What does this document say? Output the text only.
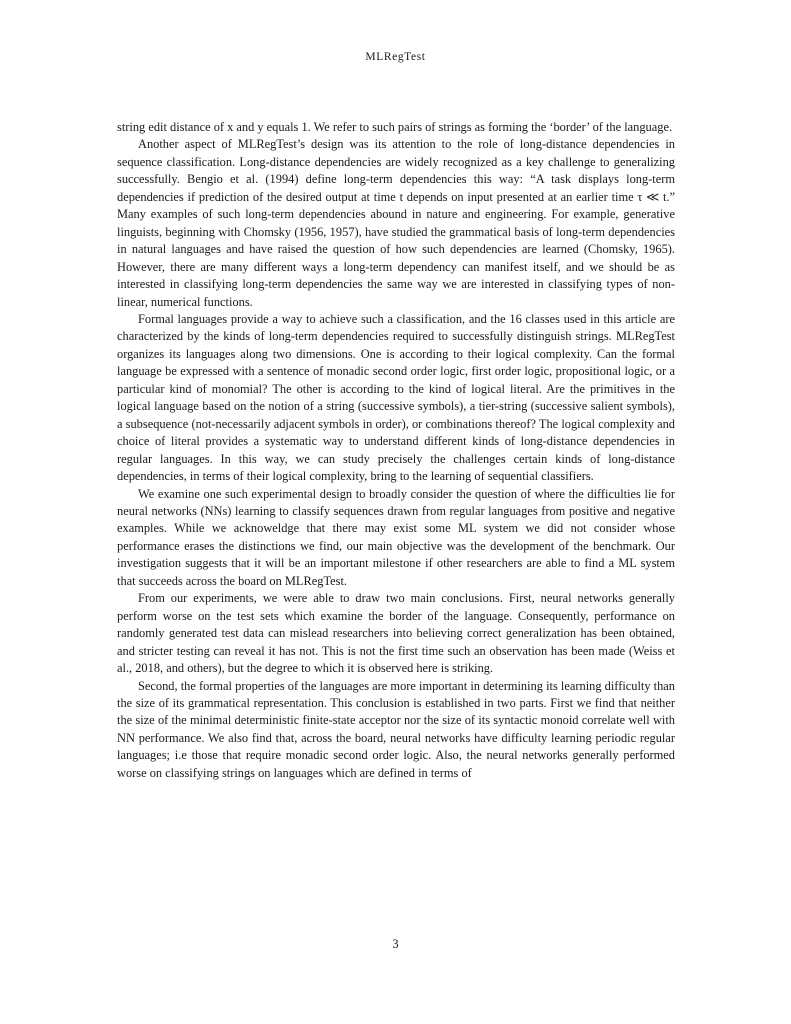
MLRegTest

string edit distance of x and y equals 1. We refer to such pairs of strings as forming the ‘border’ of the language.

Another aspect of MLRegTest’s design was its attention to the role of long-distance dependencies in sequence classification. Long-distance dependencies are widely recognized as a key challenge to generalizing successfully. Bengio et al. (1994) define long-term dependencies this way: “A task displays long-term dependencies if prediction of the desired output at time t depends on input presented at an earlier time τ ≪ t.” Many examples of such long-term dependencies abound in nature and engineering. For example, generative linguists, beginning with Chomsky (1956, 1957), have studied the grammatical basis of long-term dependencies in natural languages and have raised the question of how such dependencies are learned (Chomsky, 1965). However, there are many different ways a long-term dependency can manifest itself, and we should be as interested in classifying long-term dependencies the same way we are interested in classifying types of non-linear, numerical functions.

Formal languages provide a way to achieve such a classification, and the 16 classes used in this article are characterized by the kinds of long-term dependencies required to successfully distinguish strings. MLRegTest organizes its languages along two dimensions. One is according to their logical complexity. Can the formal language be expressed with a sentence of monadic second order logic, first order logic, propositional logic, or a particular kind of monomial? The other is according to the kind of logical literal. Are the primitives in the logical language based on the notion of a string (successive symbols), a tier-string (successive salient symbols), a subsequence (not-necessarily adjacent symbols in order), or combinations thereof? The logical complexity and choice of literal provides a systematic way to understand different kinds of long-distance dependencies in regular languages. In this way, we can study precisely the challenges certain kinds of long-distance dependencies, in terms of their logical complexity, bring to the learning of sequential classifiers.

We examine one such experimental design to broadly consider the question of where the difficulties lie for neural networks (NNs) learning to classify sequences drawn from regular languages from positive and negative examples. While we acknoweldge that there may exist some ML system we did not consider whose performance erases the distinctions we find, our main objective was the development of the benchmark. Our investigation suggests that it will be an important milestone if other researchers are able to find a ML system that succeeds across the board on MLRegTest.

From our experiments, we were able to draw two main conclusions. First, neural networks generally perform worse on the test sets which examine the border of the language. Consequently, performance on randomly generated test data can mislead researchers into believing correct generalization has been obtained, and stricter testing can reveal it has not. This is not the first time such an observation has been made (Weiss et al., 2018, and others), but the degree to which it is observed here is striking.

Second, the formal properties of the languages are more important in determining its learning difficulty than the size of its grammatical representation. This conclusion is established in two parts. First we find that neither the size of the minimal deterministic finite-state acceptor nor the size of its syntactic monoid correlate well with NN performance. We also find that, across the board, neural networks have difficulty learning periodic regular languages; i.e those that require monadic second order logic. Also, the neural networks generally performed worse on classifying strings on languages which are defined in terms of

3
